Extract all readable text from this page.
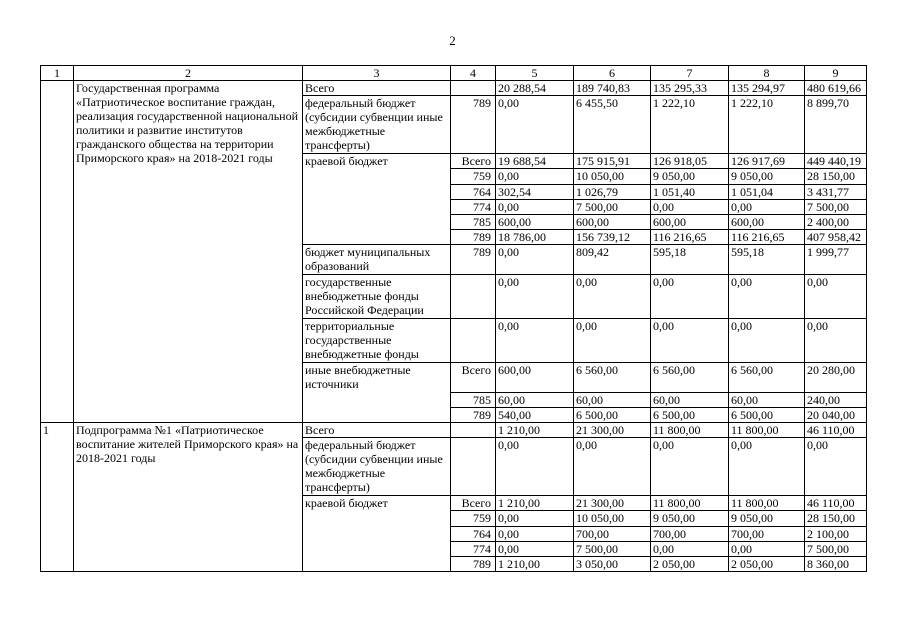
2
1	2	3	4	5	6	7	8	9
	Государственная программа «Патриотическое воспитание граждан, реализация государственной национальной политики и развитие институтов гражданского общества на территории Приморского края» на 2018-2021 годы	Всего		20 288,54	189 740,83	135 295,33	135 294,97	480 619,66
		федеральный бюджет (субсидии субвенции иные межбюджетные трансферты)	789	0,00	6 455,50	1 222,10	1 222,10	8 899,70
		краевой бюджет	Всего	19 688,54	175 915,91	126 918,05	126 917,69	449 440,19
			759	0,00	10 050,00	9 050,00	9 050,00	28 150,00
			764	302,54	1 026,79	1 051,40	1 051,04	3 431,77
			774	0,00	7 500,00	0,00	0,00	7 500,00
			785	600,00	600,00	600,00	600,00	2 400,00
			789	18 786,00	156 739,12	116 216,65	116 216,65	407 958,42
		бюджет муниципальных образований	789	0,00	809,42	595,18	595,18	1 999,77
		государственные внебюджетные фонды Российской Федерации		0,00	0,00	0,00	0,00	0,00
		территориальные государственные внебюджетные фонды		0,00	0,00	0,00	0,00	0,00
		иные внебюджетные источники	Всего	600,00	6 560,00	6 560,00	6 560,00	20 280,00
			785	60,00	60,00	60,00	60,00	240,00
			789	540,00	6 500,00	6 500,00	6 500,00	20 040,00
1	Подпрограмма №1 «Патриотическое воспитание жителей Приморского края» на 2018-2021 годы	Всего		1 210,00	21 300,00	11 800,00	11 800,00	46 110,00
		федеральный бюджет (субсидии субвенции иные межбюджетные трансферты)		0,00	0,00	0,00	0,00	0,00
		краевой бюджет	Всего	1 210,00	21 300,00	11 800,00	11 800,00	46 110,00
			759	0,00	10 050,00	9 050,00	9 050,00	28 150,00
			764	0,00	700,00	700,00	700,00	2 100,00
			774	0,00	7 500,00	0,00	0,00	7 500,00
			789	1 210,00	3 050,00	2 050,00	2 050,00	8 360,00
